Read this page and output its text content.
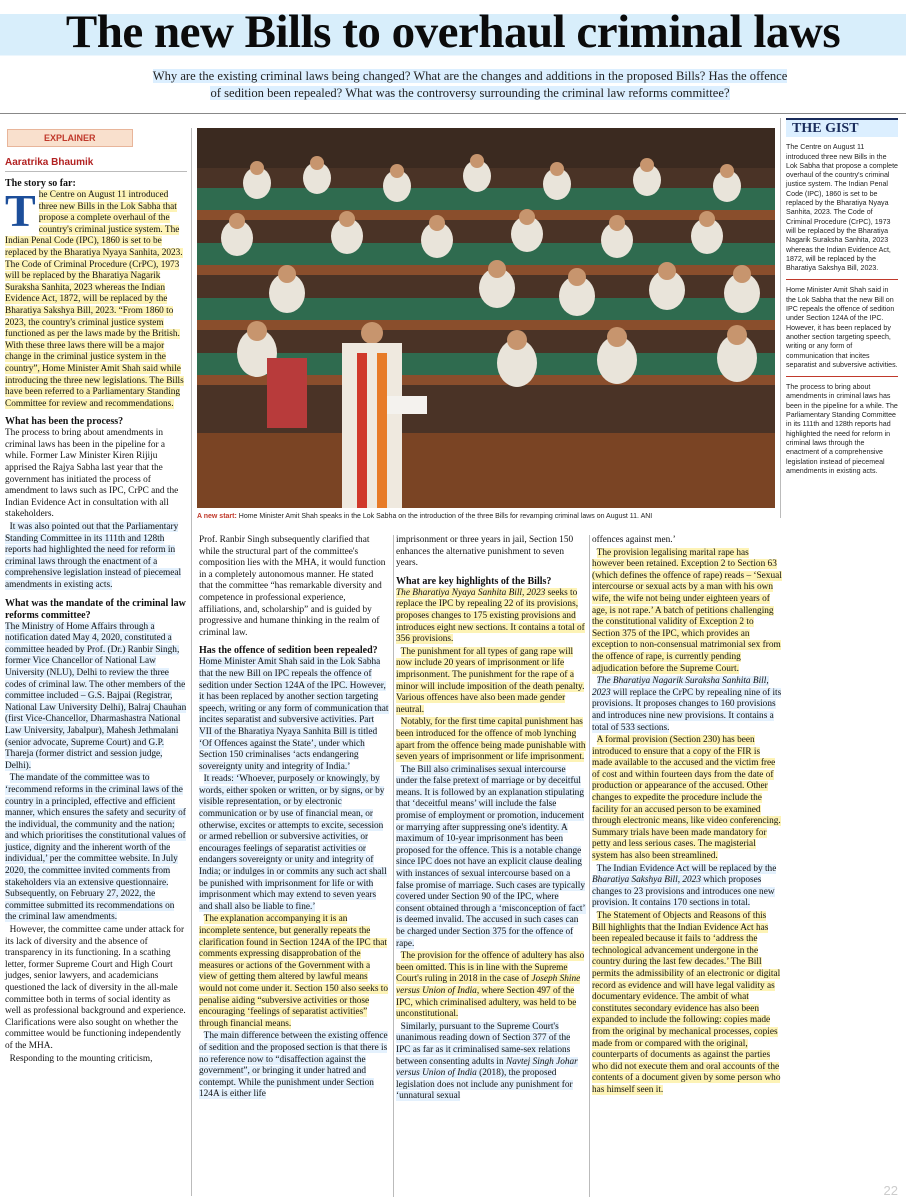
The new Bills to overhaul criminal laws
Why are the existing criminal laws being changed? What are the changes and additions in the proposed Bills? Has the offence of sedition been repealed? What was the controversy surrounding the criminal law reforms committee?
EXPLAINER
Aaratrika Bhaumik
The story so far:

The Centre on August 11 introduced three new Bills in the Lok Sabha that propose a complete overhaul of the country's criminal justice system. The Indian Penal Code (IPC), 1860 is set to be replaced by the Bharatiya Nyaya Sanhita, 2023. The Code of Criminal Procedure (CrPC), 1973 will be replaced by the Bharatiya Nagarik Suraksha Sanhita, 2023 whereas the Indian Evidence Act, 1872, will be replaced by the Bharatiya Sakshya Bill, 2023. “From 1860 to 2023, the country's criminal justice system functioned as per the laws made by the British. With these three laws there will be a major change in the criminal justice system in the country”, Home Minister Amit Shah said while introducing the three new legislations. The Bills have been referred to a Parliamentary Standing Committee for review and recommendations.

What has been the process?

The process to bring about amendments in criminal laws has been in the pipeline for a while. Former Law Minister Kiren Rijiju apprised the Rajya Sabha last year that the government has initiated the process of amendment to laws such as IPC, CrPC and the Indian Evidence Act in consultation with all stakeholders.

It was also pointed out that the Parliamentary Standing Committee in its 111th and 128th reports had highlighted the need for reform in criminal laws through the enactment of a comprehensive legislation instead of piecemeal amendments in existing acts.

What was the mandate of the criminal law reforms committee?

The Ministry of Home Affairs through a notification dated May 4, 2020, constituted a committee headed by Prof. (Dr.) Ranbir Singh, former Vice Chancellor of National Law University (NLU), Delhi to review the three codes of criminal law. The other members of the committee included – G.S. Bajpai (Registrar, National Law University Delhi), Balraj Chauhan (first Vice-Chancellor, Dharmashastra National Law University, Jabalpur), Mahesh Jethmalani (senior advocate, Supreme Court) and G.P. Thareja (former district and session judge, Delhi).

The mandate of the committee was to ‘recommend reforms in the criminal laws of the country in a principled, effective and efficient manner, which ensures the safety and security of the individual, the community and the nation; and which prioritises the constitutional values of justice, dignity and the inherent worth of the individual,’ per the committee website. In July 2020, the committee invited comments from stakeholders via an extensive questionnaire. Subsequently, on February 27, 2022, the committee submitted its recommendations on the criminal law amendments.

However, the committee came under attack for its lack of diversity and the absence of transparency in its functioning. In a scathing letter, former Supreme Court and High Court judges, senior lawyers, and academicians questioned the lack of diversity in the all-male committee both in terms of social identity as well as professional background and experience. Clarifications were also sought on whether the committee would be functioning independently of the MHA.

Responding to the mounting criticism,

A new start: Home Minister Amit Shah speaks in the Lok Sabha on the introduction of the three Bills for revamping criminal laws on August 11. ANI

Prof. Ranbir Singh subsequently clarified that while the structural part of the committee's composition lies with the MHA, it would function in a completely autonomous manner. He stated that the committee “has remarkable diversity and competence in professional experience, affiliations, and, scholarship” and is guided by progressive and humane thinking in the realm of criminal law.

Has the offence of sedition been repealed?

Home Minister Amit Shah said in the Lok Sabha that the new Bill on IPC repeals the offence of sedition under Section 124A of the IPC. However, it has been replaced by another section targeting speech, writing or any form of communication that incites separatist and subversive activities. Part VII of the Bharatiya Nyaya Sanhita Bill is titled ‘Of Offences against the State’, under which Section 150 criminalises ‘acts endangering sovereignty unity and integrity of India.’

It reads: ‘Whoever, purposely or knowingly, by words, either spoken or written, or by signs, or by visible representation, or by electronic communication or by use of financial mean, or otherwise, excites or attempts to excite, secession or armed rebellion or subversive activities, or encourages feelings of separatist activities or endangers sovereignty or unity and integrity of India; or indulges in or commits any such act shall be punished with imprisonment for life or with imprisonment which may extend to seven years and shall also be liable to fine.’

The explanation accompanying it is an incomplete sentence, but generally repeats the clarification found in Section 124A of the IPC that comments expressing disapprobation of the measures or actions of the Government with a view of getting them altered by lawful means would not come under it. Section 150 also seeks to penalise aiding “subversive activities or those encouraging ‘feelings of separatist activities” through financial means.

The main difference between the existing offence of sedition and the proposed section is that there is no reference now to “disaffection against the government”, or bringing it under hatred and contempt. While the punishment under Section 124A is either life

imprisonment or three years in jail, Section 150 enhances the alternative punishment to seven years.

What are key highlights of the Bills?

The Bharatiya Nyaya Sanhita Bill, 2023 seeks to replace the IPC by repealing 22 of its provisions, proposes changes to 175 existing provisions and introduces eight new sections. It contains a total of 356 provisions.

The punishment for all types of gang rape will now include 20 years of imprisonment or life imprisonment. The punishment for the rape of a minor will include imposition of the death penalty. Various offences have also been made gender neutral.

Notably, for the first time capital punishment has been introduced for the offence of mob lynching apart from the offence being made punishable with seven years of imprisonment or life imprisonment.

The Bill also criminalises sexual intercourse under the false pretext of marriage or by deceitful means. It is followed by an explanation stipulating that ‘deceitful means’ will include the false promise of employment or promotion, inducement or marrying after suppressing one's identity. A maximum of 10-year imprisonment has been proposed for the offence. This is a notable change since IPC does not have an explicit clause dealing with instances of sexual intercourse based on a false promise of marriage. Such cases are typically covered under Section 90 of the IPC, where consent obtained through a ‘misconception of fact’ is deemed invalid. The accused in such cases can be charged under Section 375 for the offence of rape.

The provision for the offence of adultery has also been omitted. This is in line with the Supreme Court's ruling in 2018 in the case of Joseph Shine versus Union of India, where Section 497 of the IPC, which criminalised adultery, was held to be unconstitutional.

Similarly, pursuant to the Supreme Court's unanimous reading down of Section 377 of the IPC as far as it criminalised same-sex relations between consenting adults in Navtej Singh Johar versus Union of India (2018), the proposed legislation does not include any punishment for ‘unnatural sexual

offences against men.’

The provision legalising marital rape has however been retained. Exception 2 to Section 63 (which defines the offence of rape) reads – ‘Sexual intercourse or sexual acts by a man with his own wife, the wife not being under eighteen years of age, is not rape.’ A batch of petitions challenging the constitutional validity of Exception 2 to Section 375 of the IPC, which provides an exception to non-consensual matrimonial sex from the offence of rape, is currently pending adjudication before the Supreme Court.

The Bharatiya Nagarik Suraksha Sanhita Bill, 2023 will replace the CrPC by repealing nine of its provisions. It proposes changes to 160 provisions and introduces nine new provisions. It contains a total of 533 sections.

A formal provision (Section 230) has been introduced to ensure that a copy of the FIR is made available to the accused and the victim free of cost and within fourteen days from the date of production or appearance of the accused. Other changes to expedite the procedure include the facility for an accused person to be examined through electronic means, like video conferencing. Summary trials have been made mandatory for petty and less serious cases. The magisterial system has also been streamlined.

The Indian Evidence Act will be replaced by the Bharatiya Sakshya Bill, 2023 which proposes changes to 23 provisions and introduces one new provision. It contains 170 sections in total.

The Statement of Objects and Reasons of this Bill highlights that the Indian Evidence Act has been repealed because it fails to ‘address the technological advancement undergone in the country during the last few decades.’ The Bill permits the admissibility of an electronic or digital record as evidence and will have legal validity as documentary evidence. The ambit of what constitutes secondary evidence has also been expanded to include the following: copies made from the original by mechanical processes, copies made from or compared with the original, counterparts of documents as against the parties who did not execute them and oral accounts of the contents of a document given by some person who has himself seen it.

THE GIST

The Centre on August 11 introduced three new Bills in the Lok Sabha that propose a complete overhaul of the country's criminal justice system. The Indian Penal Code (IPC), 1860 is set to be replaced by the Bharatiya Nyaya Sanhita, 2023. The Code of Criminal Procedure (CrPC), 1973 will be replaced by the Bharatiya Nagarik Suraksha Sanhita, 2023 whereas the Indian Evidence Act, 1872, will be replaced by the Bharatiya Sakshya Bill, 2023.

Home Minister Amit Shah said in the Lok Sabha that the new Bill on IPC repeals the offence of sedition under Section 124A of the IPC. However, it has been replaced by another section targeting speech, writing or any form of communication that incites separatist and subversive activities.

The process to bring about amendments in criminal laws has been in the pipeline for a while. The Parliamentary Standing Committee in its 111th and 128th reports had highlighted the need for reform in criminal laws through the enactment of a comprehensive legislation instead of piecemeal amendments in existing acts.

22
